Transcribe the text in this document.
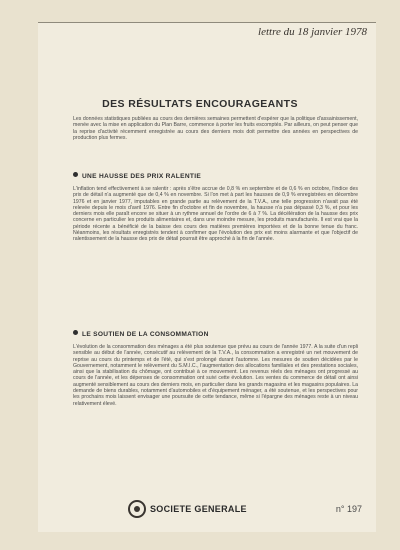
lettre du 18 janvier 1978
DES RÉSULTATS ENCOURAGEANTS
Les données statistiques publiées au cours des dernières semaines permettent d'espérer que la politique d'assainissement, menée avec la mise en application du Plan Barre, commence à porter les fruits escomptés. Par ailleurs, on peut penser que la reprise d'activité récemment enregistrée au cours des derniers mois doit permettre des années en perspectives de production plus fermes.
UNE HAUSSE DES PRIX RALENTIE
L'inflation tend effectivement à se ralentir : après s'être accrue de 0,8 % en septembre et de 0,6 % en octobre, l'indice des prix de détail n'a augmenté que de 0,4 % en novembre. Si l'on met à part les hausses de 0,9 % enregistrées en décembre 1976 et en janvier 1977, imputables en grande partie au relèvement de la T.V.A., une telle progression n'avait pas été relevée depuis le mois d'avril 1976. Entre fin d'octobre et fin de novembre, la hausse n'a pas dépassé 0,3 %, et pour les derniers mois elle paraît encore se situer à un rythme annuel de l'ordre de 6 à 7 %. La décélération de la hausse des prix concerne en particulier les produits alimentaires et, dans une moindre mesure, les produits manufacturés. Il est vrai que la période récente a bénéficié de la baisse des cours des matières premières importées et de la bonne tenue du franc. Néanmoins, les résultats enregistrés tendent à confirmer que l'évolution des prix est moins alarmante et que l'objectif de ralentissement de la hausse des prix de détail pourrait être approché à la fin de l'année.
LE SOUTIEN DE LA CONSOMMATION
L'évolution de la consommation des ménages a été plus soutenue que prévu au cours de l'année 1977. A la suite d'un repli sensible au début de l'année, consécutif au relèvement de la T.V.A., la consommation a enregistré un net mouvement de reprise au cours du printemps et de l'été, qui s'est prolongé durant l'automne. Les mesures de soutien décidées par le Gouvernement, notamment le relèvement du S.M.I.C., l'augmentation des allocations familiales et des prestations sociales, ainsi que la stabilisation du chômage, ont contribué à ce mouvement. Les revenus réels des ménages ont progressé au cours de l'année, et les dépenses de consommation ont suivi cette évolution. Les ventes du commerce de détail ont ainsi augmenté sensiblement au cours des derniers mois, en particulier dans les grands magasins et les magasins populaires. La demande de biens durables, notamment d'automobiles et d'équipement ménager, a été soutenue, et les perspectives pour les prochains mois laissent envisager une poursuite de cette tendance, même si l'épargne des ménages reste à un niveau relativement élevé.
SOCIETE GENERALE	n° 197
